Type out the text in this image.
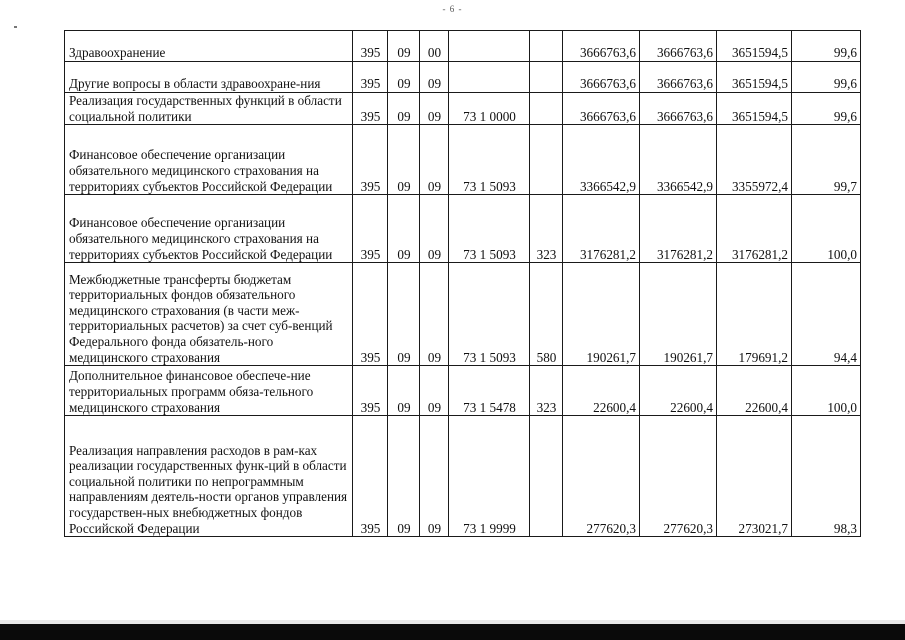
- 6 -
Здравоохранение	395	09	00			3666763,6	3666763,6	3651594,5	99,6
Другие вопросы в области здравоохране-ния	395	09	09			3666763,6	3666763,6	3651594,5	99,6
Реализация государственных функций в области социальной политики	395	09	09	73 1 0000		3666763,6	3666763,6	3651594,5	99,6
Финансовое обеспечение организации обязательного медицинского страхования на территориях субъектов Российской Федерации	395	09	09	73 1 5093		3366542,9	3366542,9	3355972,4	99,7
Финансовое обеспечение организации обязательного медицинского страхования на территориях субъектов Российской Федерации	395	09	09	73 1 5093	323	3176281,2	3176281,2	3176281,2	100,0
Межбюджетные трансферты бюджетам территориальных фондов обязательного медицинского страхования (в части меж-территориальных расчетов) за счет суб-венций Федерального фонда обязатель-ного медицинского страхования	395	09	09	73 1 5093	580	190261,7	190261,7	179691,2	94,4
Дополнительное финансовое обеспече-ние территориальных программ обяза-тельного медицинского страхования	395	09	09	73 1 5478	323	22600,4	22600,4	22600,4	100,0
Реализация направления расходов в рам-ках реализации государственных функ-ций в области социальной политики по непрограммным направлениям деятель-ности органов управления государствен-ных внебюджетных фондов Российской Федерации	395	09	09	73 1 9999		277620,3	277620,3	273021,7	98,3
